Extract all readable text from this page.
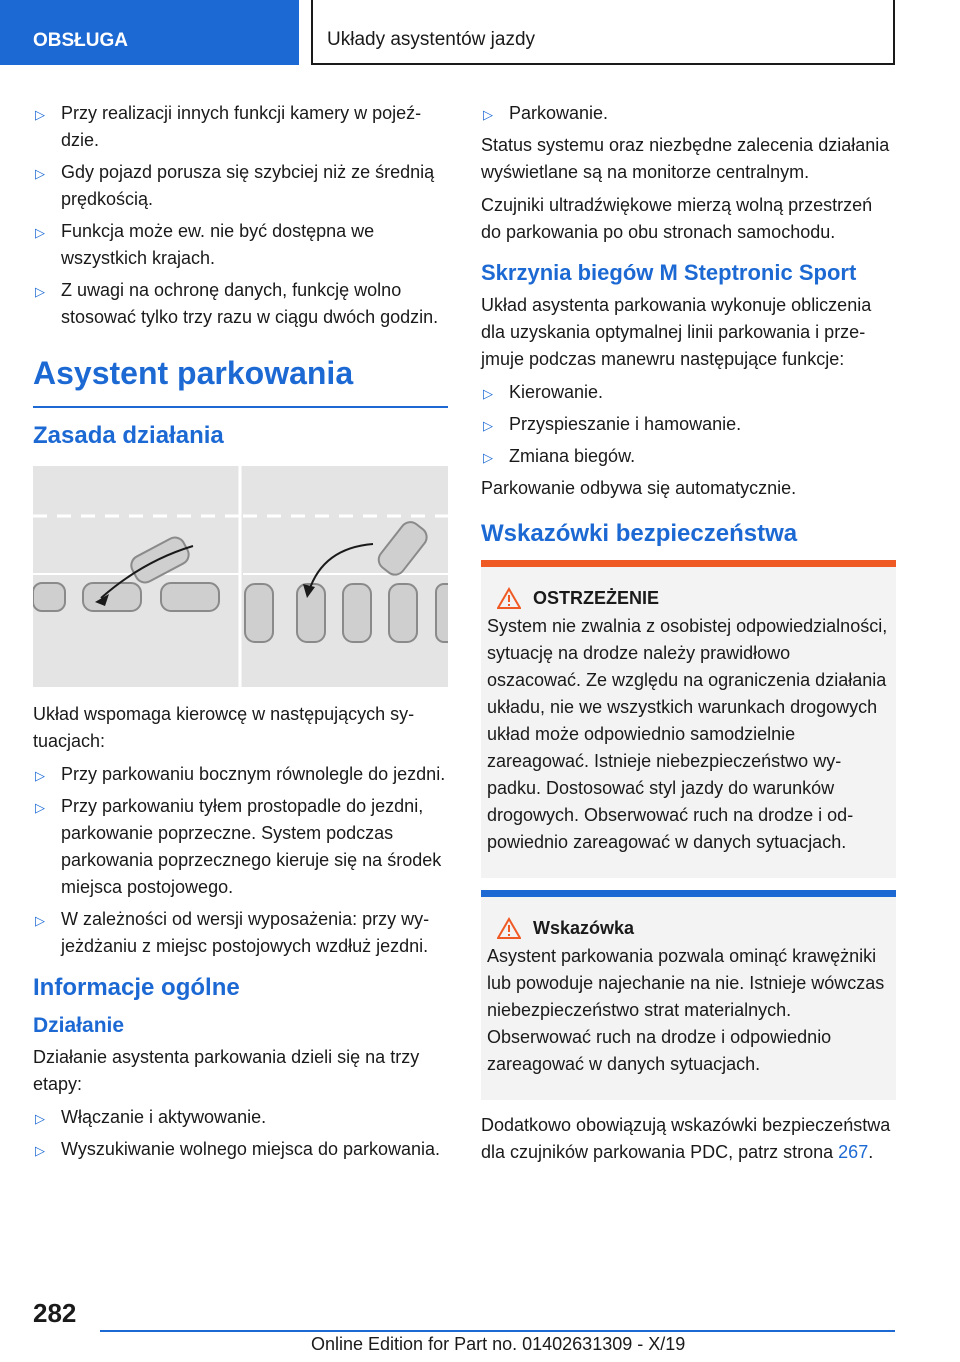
OBSŁUGA	Układy asystentów jazdy
▷ Przy realizacji innych funkcji kamery w pojeździe.
▷ Gdy pojazd porusza się szybciej niż ze średnią prędkością.
▷ Funkcja może ew. nie być dostępna we wszystkich krajach.
▷ Z uwagi na ochronę danych, funkcję wolno stosować tylko trzy razu w ciągu dwóch godzin.
Asystent parkowania
Zasada działania

Układ wspomaga kierowcę w następujących sytuacjach:

▷ Przy parkowaniu bocznym równolegle do jezdni.
▷ Przy parkowaniu tyłem prostopadle do jezdni, parkowanie poprzeczne. System podczas parkowania poprzecznego kieruje się na środek miejsca postojowego.
▷ W zależności od wersji wyposażenia: przy wyjeżdżaniu z miejsc postojowych wzdłuż jezdni.
Informacje ogólne
Działanie

Działanie asystenta parkowania dzieli się na trzy etapy:

▷ Włączanie i aktywowanie.
▷ Wyszukiwanie wolnego miejsca do parkowania.
▷ Parkowanie.

Status systemu oraz niezbędne zalecenia działania wyświetlane są na monitorze centralnym.

Czujniki ultradźwiękowe mierzą wolną przestrzeń do parkowania po obu stronach samochodu.

Skrzynia biegów M Steptronic Sport

Układ asystenta parkowania wykonuje obliczenia dla uzyskania optymalnej linii parkowania i przejmuje podczas manewru następujące funkcje:

▷ Kierowanie.
▷ Przyspieszanie i hamowanie.
▷ Zmiana biegów.

Parkowanie odbywa się automatycznie.

Wskazówki bezpieczeństwa
OSTRZEŻENIE

System nie zwalnia z osobistej odpowiedzialności, sytuację na drodze należy prawidłowo oszacować. Ze względu na ograniczenia działania układu, nie we wszystkich warunkach drogowych układ może odpowiednio samodzielnie zareagować. Istnieje niebezpieczeństwo wypadku. Dostosować styl jazdy do warunków drogowych. Obserwować ruch na drodze i odpowiednio zareagować w danych sytuacjach.

Wskazówka

Asystent parkowania pozwala ominąć krawężniki lub powoduje najechanie na nie. Istnieje wówczas niebezpieczeństwo strat materialnych. Obserwować ruch na drodze i odpowiednio zareagować w danych sytuacjach.

Dodatkowo obowiązują wskazówki bezpieczeństwa dla czujników parkowania PDC, patrz strona 267.

282
Online Edition for Part no. 01402631309 - X/19
